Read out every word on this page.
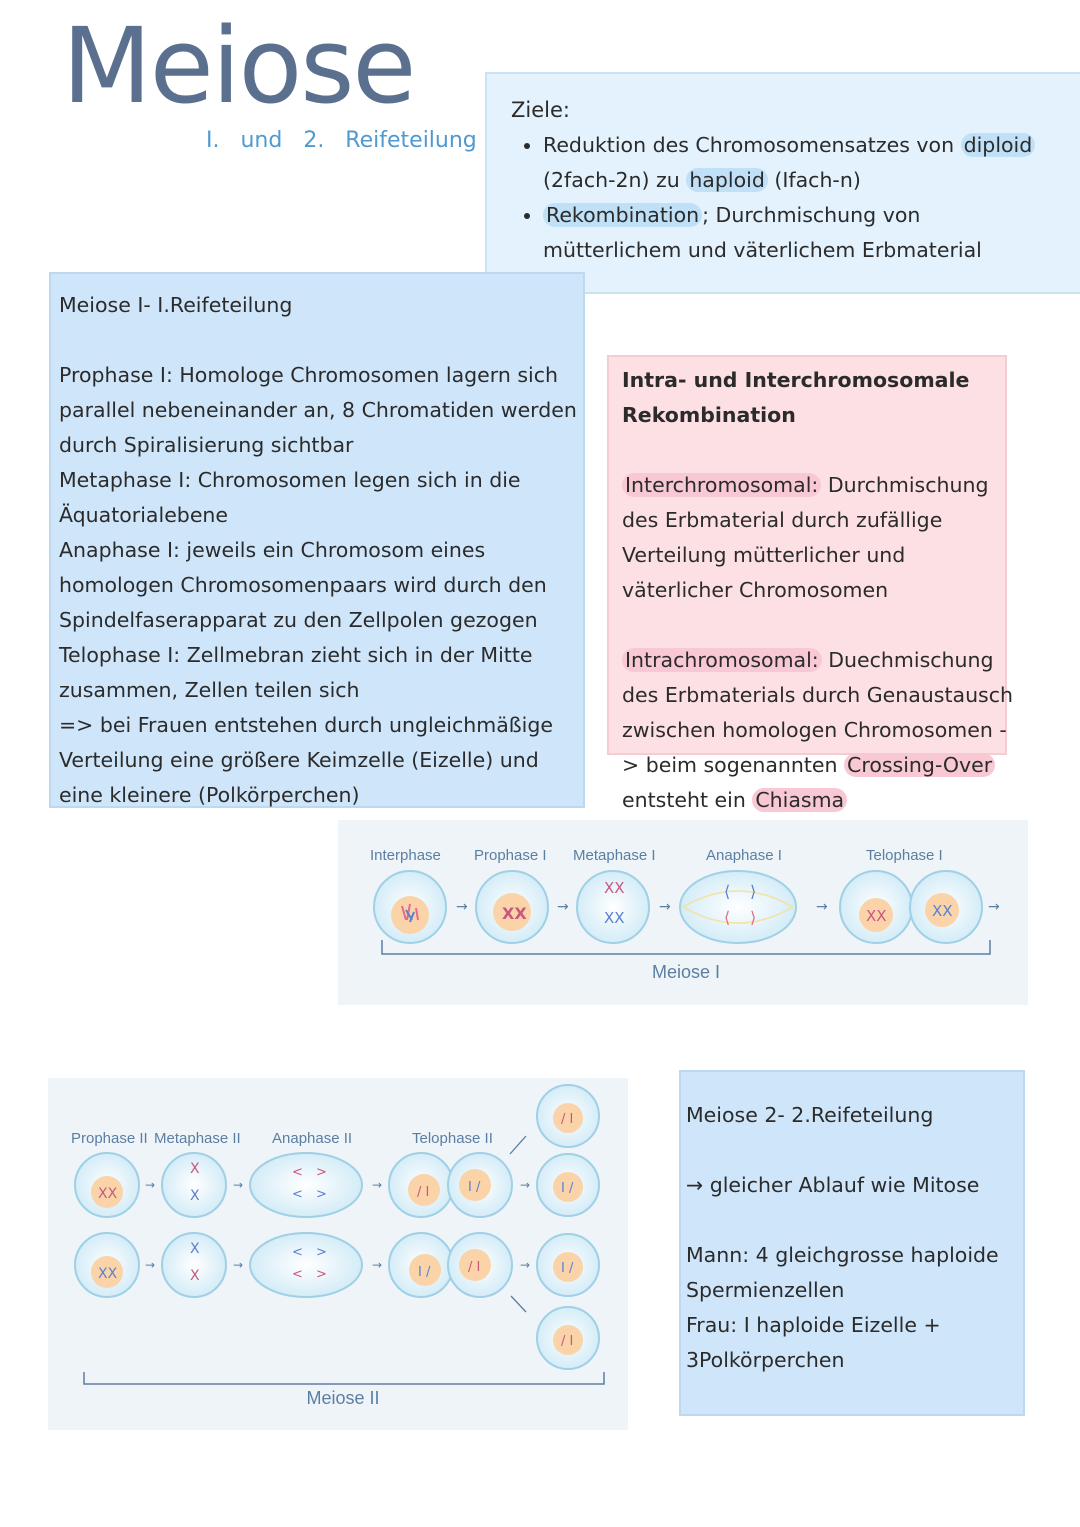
Meiose
I. und 2. Reifeteilung
Ziele:
• Reduktion des Chromosomensatzes von diploid (2fach-2n) zu haploid (Ifach-n)
• Rekombination ; Durchmischung von mütterlichem und väterlichem Erbmaterial

Meiose I- I.Reifeteilung

Prophase I: Homologe Chromosomen lagern sich parallel nebeneinander an, 8 Chromatiden werden durch Spiralisierung sichtbar

Metaphase I: Chromosomen legen sich in die Äquatorialebene

Anaphase I: jeweils ein Chromosom eines homologen Chromosomenpaars wird durch den Spindelfaserapparat zu den Zellpolen gezogen

Telophase I: Zellmebran zieht sich in der Mitte zusammen, Zellen teilen sich

=> bei Frauen entstehen durch ungleichmäßige Verteilung eine größere Keimzelle (Eizelle) und eine kleinere (Polkörperchen)

Intra- und Interchromosomale Rekombination

Interchromosomal: Durchmischung des Erbmaterial durch zufällige Verteilung mütterlicher und väterlicher Chromosomen

Intrachromosomal: Duechmischung des Erbmaterials durch Genaustausch zwischen homologen Chromosomen -> beim sogenannten Crossing-Over entsteht ein Chiasma

Interphase Prophase I Metaphase I	Anaphase I	Telophase I
→ XX →
XX
XX
→
⟨ ⟩
⟨ ⟩
→	XX	XX	→
Meiose I
Prophase II Metaphase II Anaphase II	Telophase II
XX
→
X
X
→
< >
< >
→	/ I	I /	→
/ I
I /
XX
→
X
X
→
< >
< >
→	I /	/ I	→ I /
/ I
Meiose II

Meiose 2- 2.Reifeteilung

→ gleicher Ablauf wie Mitose

Mann: 4 gleichgrosse haploide Spermienzellen

Frau: I haploide Eizelle + 3Polkörperchen
